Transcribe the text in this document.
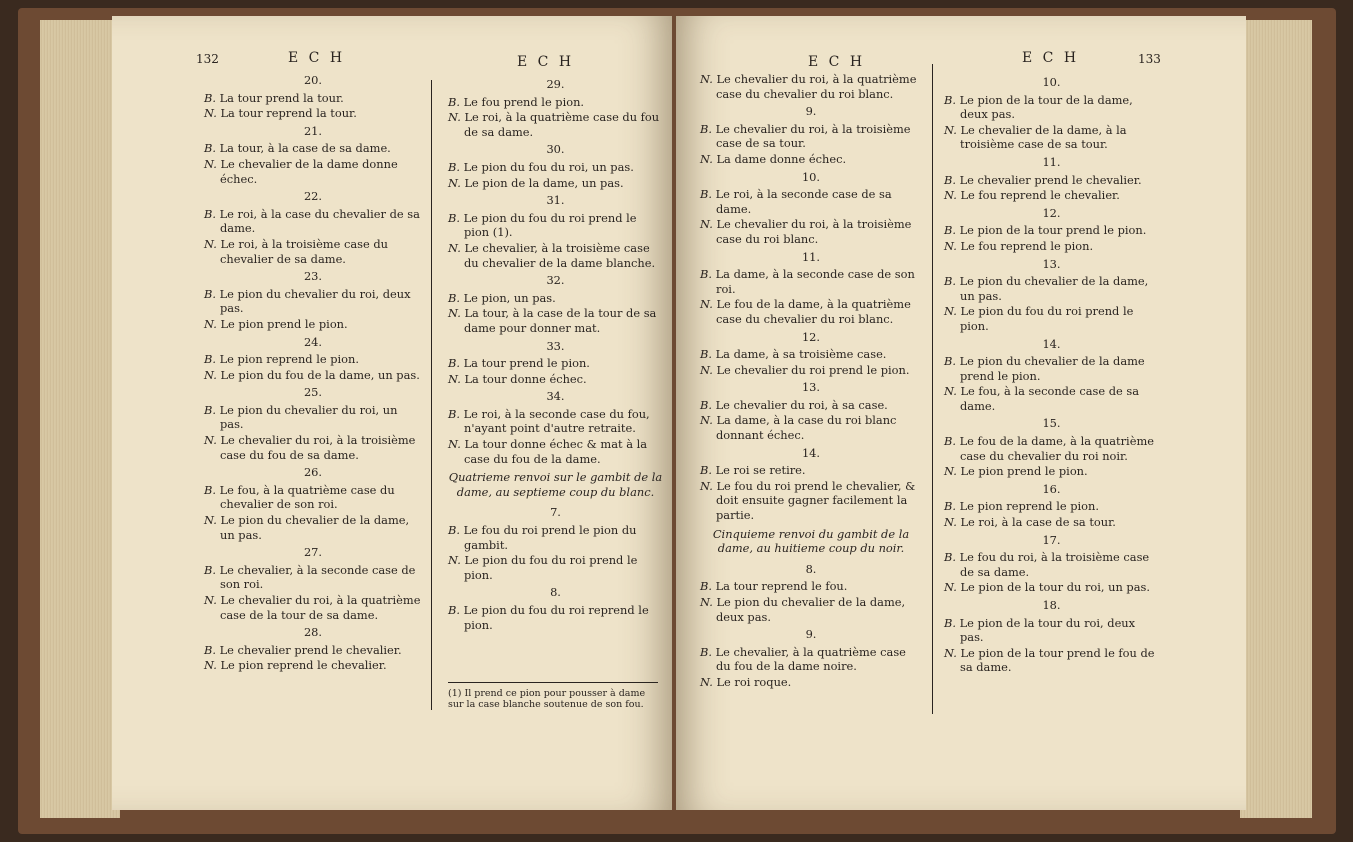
132	E C H	E C H

20.

B. La tour prend la tour.

N. La tour reprend la tour.

21.

B. La tour, à la case de sa dame.

N. Le chevalier de la dame donne échec.

22.

B. Le roi, à la case du chevalier de sa dame.

N. Le roi, à la troisième case du chevalier de sa dame.

23.

B. Le pion du chevalier du roi, deux pas.

N. Le pion prend le pion.

24.

B. Le pion reprend le pion.

N. Le pion du fou de la dame, un pas.

25.

B. Le pion du chevalier du roi, un pas.

N. Le chevalier du roi, à la troisième case du fou de sa dame.

26.

B. Le fou, à la quatrième case du chevalier de son roi.

N. Le pion du chevalier de la dame, un pas.

27.

B. Le chevalier, à la seconde case de son roi.

N. Le chevalier du roi, à la quatrième case de la tour de sa dame.

28.

B. Le chevalier prend le chevalier.

N. Le pion reprend le chevalier.

29.

B. Le fou prend le pion.

N. Le roi, à la quatrième case du fou de sa dame.

30.

B. Le pion du fou du roi, un pas.

N. Le pion de la dame, un pas.

31.

B. Le pion du fou du roi prend le pion (1).

N. Le chevalier, à la troisième case du chevalier de la dame blanche.

32.

B. Le pion, un pas.

N. La tour, à la case de la tour de sa dame pour donner mat.

33.

B. La tour prend le pion.

N. La tour donne échec.

34.

B. Le roi, à la seconde case du fou, n'ayant point d'autre retraite.

N. La tour donne échec & mat à la case du fou de la dame.

Quatrieme renvoi sur le gambit de la dame, au septieme coup du blanc.

7.

B. Le fou du roi prend le pion du gambit.

N. Le pion du fou du roi prend le pion.

8.

B. Le pion du fou du roi reprend le pion.

(1) Il prend ce pion pour pousser à dame sur la case blanche soutenue de son fou.
E C H	E C H	133

N. Le chevalier du roi, à la quatrième case du chevalier du roi blanc.

9.

B. Le chevalier du roi, à la troisième case de sa tour.

N. La dame donne échec.

10.

B. Le roi, à la seconde case de sa dame.

N. Le chevalier du roi, à la troisième case du roi blanc.

11.

B. La dame, à la seconde case de son roi.

N. Le fou de la dame, à la quatrième case du chevalier du roi blanc.

12.

B. La dame, à sa troisième case.

N. Le chevalier du roi prend le pion.

13.

B. Le chevalier du roi, à sa case.

N. La dame, à la case du roi blanc donnant échec.

14.

B. Le roi se retire.

N. Le fou du roi prend le chevalier, & doit ensuite gagner facilement la partie.

Cinquieme renvoi du gambit de la dame, au huitieme coup du noir.

8.

B. La tour reprend le fou.

N. Le pion du chevalier de la dame, deux pas.

9.

B. Le chevalier, à la quatrième case du fou de la dame noire.

N. Le roi roque.

10.

B. Le pion de la tour de la dame, deux pas.

N. Le chevalier de la dame, à la troisième case de sa tour.

11.

B. Le chevalier prend le chevalier.

N. Le fou reprend le chevalier.

12.

B. Le pion de la tour prend le pion.

N. Le fou reprend le pion.

13.

B. Le pion du chevalier de la dame, un pas.

N. Le pion du fou du roi prend le pion.

14.

B. Le pion du chevalier de la dame prend le pion.

N. Le fou, à la seconde case de sa dame.

15.

B. Le fou de la dame, à la quatrième case du chevalier du roi noir.

N. Le pion prend le pion.

16.

B. Le pion reprend le pion.

N. Le roi, à la case de sa tour.

17.

B. Le fou du roi, à la troisième case de sa dame.

N. Le pion de la tour du roi, un pas.

18.

B. Le pion de la tour du roi, deux pas.

N. Le pion de la tour prend le fou de sa dame.
